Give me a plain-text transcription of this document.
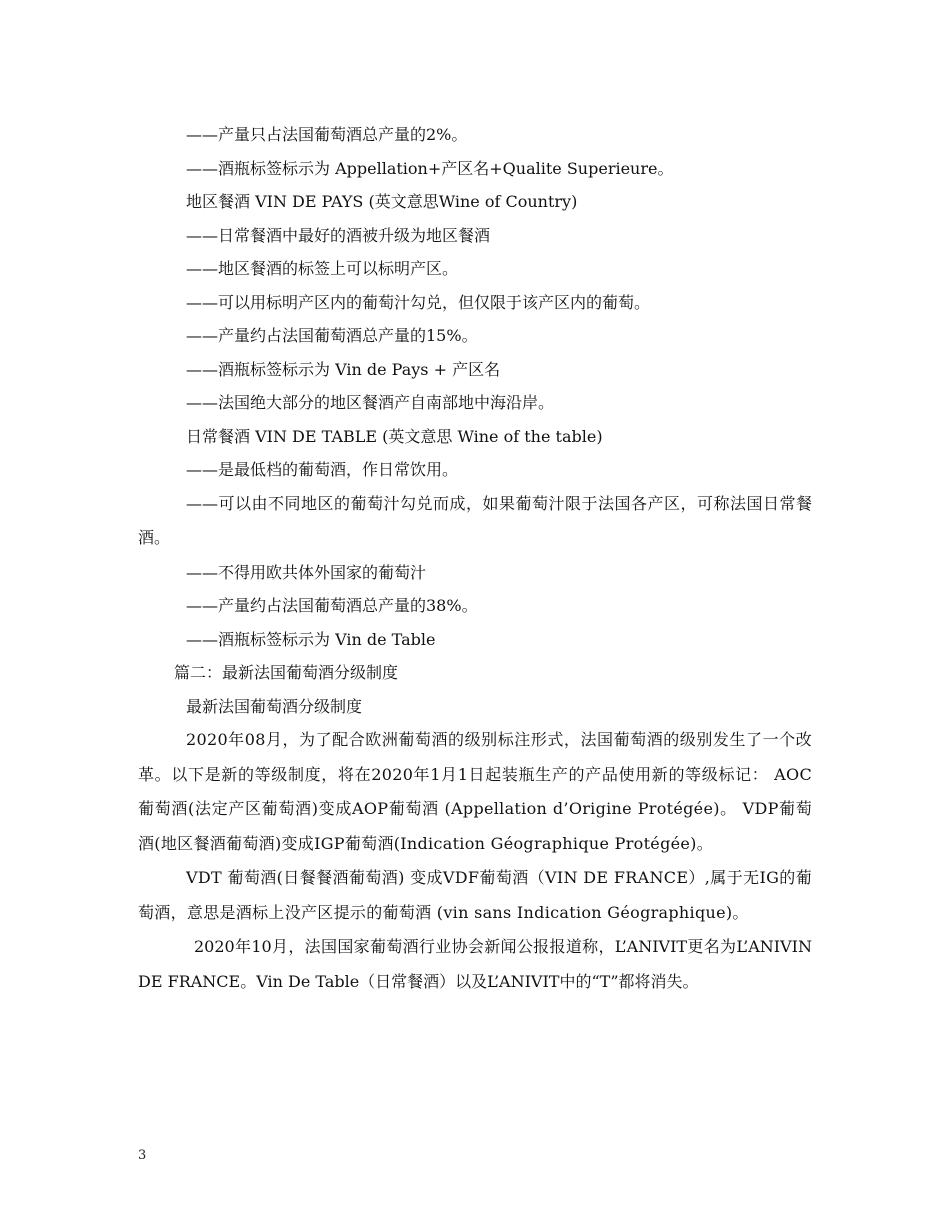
——产量只占法国葡萄酒总产量的2%。
——酒瓶标签标示为 Appellation+产区名+Qualite Superieure。
地区餐酒 VIN DE PAYS (英文意思Wine of Country)
——日常餐酒中最好的酒被升级为地区餐酒
——地区餐酒的标签上可以标明产区。
——可以用标明产区内的葡萄汁勾兑，但仅限于该产区内的葡萄。
——产量约占法国葡萄酒总产量的15%。
——酒瓶标签标示为 Vin de Pays + 产区名
——法国绝大部分的地区餐酒产自南部地中海沿岸。
日常餐酒 VIN DE TABLE (英文意思 Wine of the table)
——是最低档的葡萄酒，作日常饮用。

——可以由不同地区的葡萄汁勾兑而成，如果葡萄汁限于法国各产区，可称法国日常餐酒。

——不得用欧共体外国家的葡萄汁
——产量约占法国葡萄酒总产量的38%。
——酒瓶标签标示为 Vin de Table
篇二：最新法国葡萄酒分级制度
最新法国葡萄酒分级制度

2020年08月，为了配合欧洲葡萄酒的级别标注形式，法国葡萄酒的级别发生了一个改革。以下是新的等级制度，将在2020年1月1日起装瓶生产的产品使用新的等级标记： AOC葡萄酒(法定产区葡萄酒)变成AOP葡萄酒 (Appellation d’Origine Protégée)。 VDP葡萄酒(地区餐酒葡萄酒)变成IGP葡萄酒(Indication Géographique Protégée)。

VDT 葡萄酒(日餐餐酒葡萄酒) 变成VDF葡萄酒（VIN DE FRANCE）,属于无IG的葡萄酒，意思是酒标上没产区提示的葡萄酒 (vin sans Indication Géographique)。

2020年10月，法国国家葡萄酒行业协会新闻公报报道称，L’ANIVIT更名为L’ANIVIN DE FRANCE。Vin De Table（日常餐酒）以及L’ANIVIT中的“T”都将消失。

3
